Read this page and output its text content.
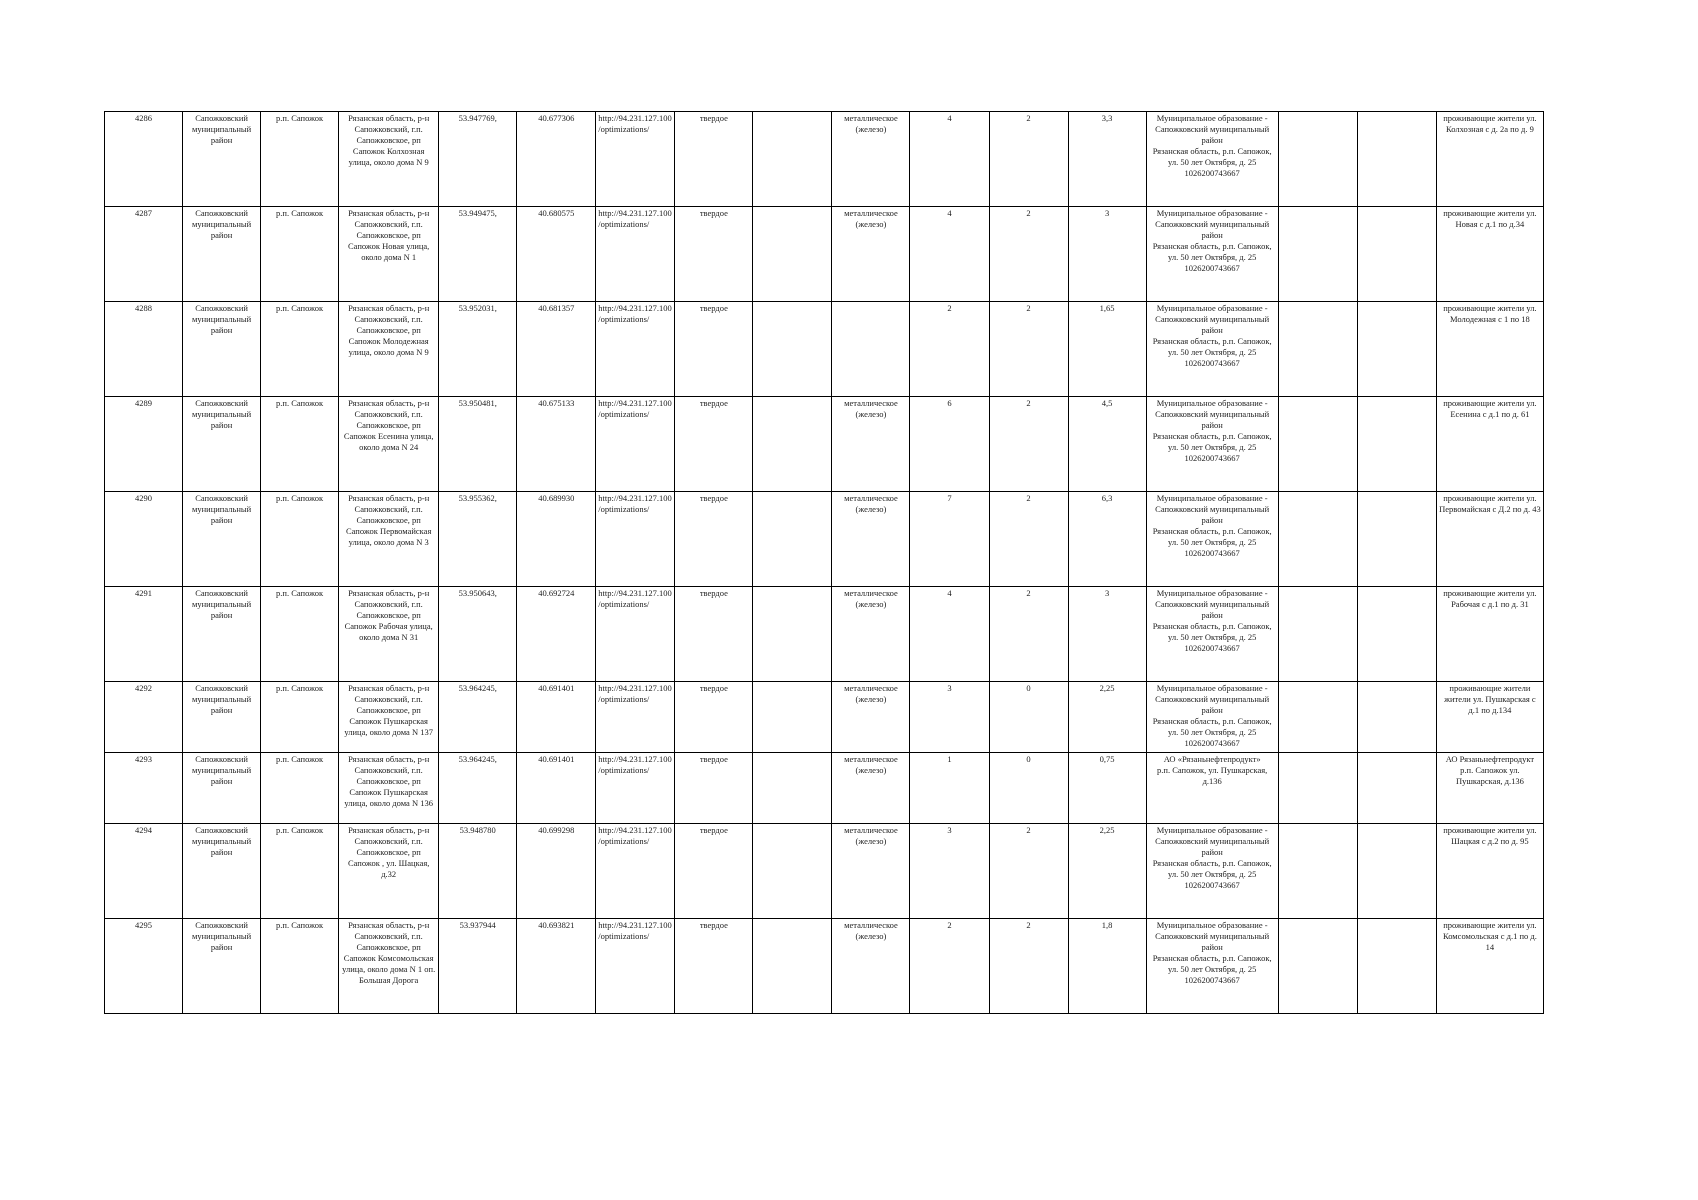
4286	Сапожковский муниципальный район	р.п. Сапожок	Рязанская область, р-н Сапожковский, г.п. Сапожковское, рп Сапожок Колхозная улица, около дома N 9	53.947769,	40.677306	http://94.231.127.100/optimizations/	твердое		металлическое (железо)	4	2	3,3	Муниципальное образование - Сапожковский муниципальный район
Рязанская область, р.п. Сапожок, ул. 50 лет Октября, д. 25
1026200743667			проживающие жители ул. Колхозная с д. 2а по д. 9
4287	Сапожковский муниципальный район	р.п. Сапожок	Рязанская область, р-н Сапожковский, г.п. Сапожковское, рп Сапожок Новая улица, около дома N 1	53.949475,	40.680575	http://94.231.127.100/optimizations/	твердое		металлическое (железо)	4	2	3	Муниципальное образование - Сапожковский муниципальный район
Рязанская область, р.п. Сапожок, ул. 50 лет Октября, д. 25
1026200743667			проживающие жители ул. Новая с д.1 по д.34
4288	Сапожковский муниципальный район	р.п. Сапожок	Рязанская область, р-н Сапожковский, г.п. Сапожковское, рп Сапожок Молодежная улица, около дома N 9	53.952031,	40.681357	http://94.231.127.100/optimizations/	твердое			2	2	1,65	Муниципальное образование - Сапожковский муниципальный район
Рязанская область, р.п. Сапожок, ул. 50 лет Октября, д. 25
1026200743667			проживающие жители ул. Молодежная с 1 по 18
4289	Сапожковский муниципальный район	р.п. Сапожок	Рязанская область, р-н Сапожковский, г.п. Сапожковское, рп Сапожок Есенина улица, около дома N 24	53.950481,	40.675133	http://94.231.127.100/optimizations/	твердое		металлическое (железо)	6	2	4,5	Муниципальное образование - Сапожковский муниципальный район
Рязанская область, р.п. Сапожок, ул. 50 лет Октября, д. 25
1026200743667			проживающие жители ул. Есенина с д.1 по д. 61
4290	Сапожковский муниципальный район	р.п. Сапожок	Рязанская область, р-н Сапожковский, г.п. Сапожковское, рп Сапожок Первомайская улица, около дома N 3	53.955362,	40.689930	http://94.231.127.100/optimizations/	твердое		металлическое (железо)	7	2	6,3	Муниципальное образование - Сапожковский муниципальный район
Рязанская область, р.п. Сапожок, ул. 50 лет Октября, д. 25
1026200743667			проживающие жители ул. Первомайская с Д.2 по д. 43
4291	Сапожковский муниципальный район	р.п. Сапожок	Рязанская область, р-н Сапожковский, г.п. Сапожковское, рп Сапожок Рабочая улица, около дома N 31	53.950643,	40.692724	http://94.231.127.100/optimizations/	твердое		металлическое (железо)	4	2	3	Муниципальное образование - Сапожковский муниципальный район
Рязанская область, р.п. Сапожок, ул. 50 лет Октября, д. 25
1026200743667			проживающие жители ул. Рабочая с д.1 по д. 31
4292	Сапожковский муниципальный район	р.п. Сапожок	Рязанская область, р-н Сапожковский, г.п. Сапожковское, рп Сапожок Пушкарская улица, около дома N 137	53.964245,	40.691401	http://94.231.127.100/optimizations/	твердое		металлическое (железо)	3	0	2,25	Муниципальное образование - Сапожковский муниципальный район
Рязанская область, р.п. Сапожок, ул. 50 лет Октября, д. 25
1026200743667			проживающие жители жители ул. Пушкарская с д.1 по д.134
4293	Сапожковский муниципальный район	р.п. Сапожок	Рязанская область, р-н Сапожковский, г.п. Сапожковское, рп Сапожок Пушкарская улица, около дома N 136	53.964245,	40.691401	http://94.231.127.100/optimizations/	твердое		металлическое (железо)	1	0	0,75	АО «Рязаньнефтепродукт»
р.п. Сапожок, ул. Пушкарская, д.136			АО Рязаньнефтепродукт р.п. Сапожок ул. Пушкарская, д.136
4294	Сапожковский муниципальный район	р.п. Сапожок	Рязанская область, р-н Сапожковский, г.п. Сапожковское, рп Сапожок , ул. Шацкая, д.32	53.948780	40.699298	http://94.231.127.100/optimizations/	твердое		металлическое (железо)	3	2	2,25	Муниципальное образование - Сапожковский муниципальный район
Рязанская область, р.п. Сапожок, ул. 50 лет Октября, д. 25
1026200743667			проживающие жители ул. Шацкая с д.2 по д. 95
4295	Сапожковский муниципальный район	р.п. Сапожок	Рязанская область, р-н Сапожковский, г.п. Сапожковское, рп Сапожок Комсомольская улица, около дома N 1 оп. Большая Дорога	53.937944	40.693821	http://94.231.127.100/optimizations/	твердое		металлическое (железо)	2	2	1,8	Муниципальное образование - Сапожковский муниципальный район
Рязанская область, р.п. Сапожок, ул. 50 лет Октября, д. 25
1026200743667			проживающие жители ул. Комсомольская с д.1 по д. 14
